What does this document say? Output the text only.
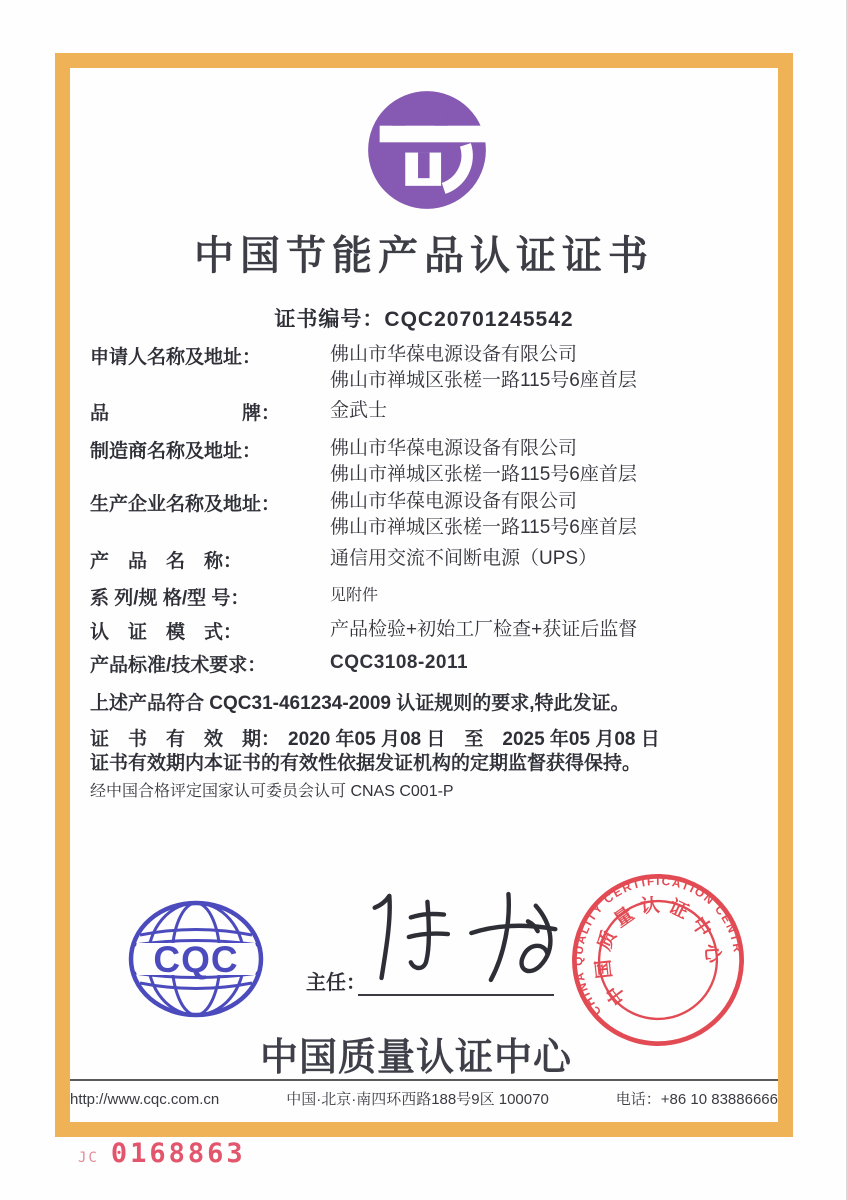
中国节能产品认证证书
证书编号：CQC20701245542
申请人名称及地址：	佛山市华葆电源设备有限公司
佛山市禅城区张槎一路115号6座首层
品　　　　　　　牌：	金武士
制造商名称及地址：	佛山市华葆电源设备有限公司
佛山市禅城区张槎一路115号6座首层
生产企业名称及地址：	佛山市华葆电源设备有限公司
佛山市禅城区张槎一路115号6座首层
产　品　名　称：	通信用交流不间断电源（UPS）
系 列/规 格/型 号：	见附件
认　证　模　式：	产品检验+初始工厂检查+获证后监督
产品标准/技术要求：	CQC3108-2011
上述产品符合 CQC31-461234-2009 认证规则的要求,特此发证。
证　书　有　效　期： 2020 年05 月08 日　至　2025 年05 月08 日
证书有效期内本证书的有效性依据发证机构的定期监督获得保持。
经中国合格评定国家认可委员会认可 CNAS C001-P
CQC
主任：
CHINA QUALITY CERTIFICATION CENTRE
中国质量认证中心
中国质量认证中心
http://www.cqc.com.cn	中国·北京·南四环西路188号9区 100070	电话：+86 10 83886666
JC 0168863
